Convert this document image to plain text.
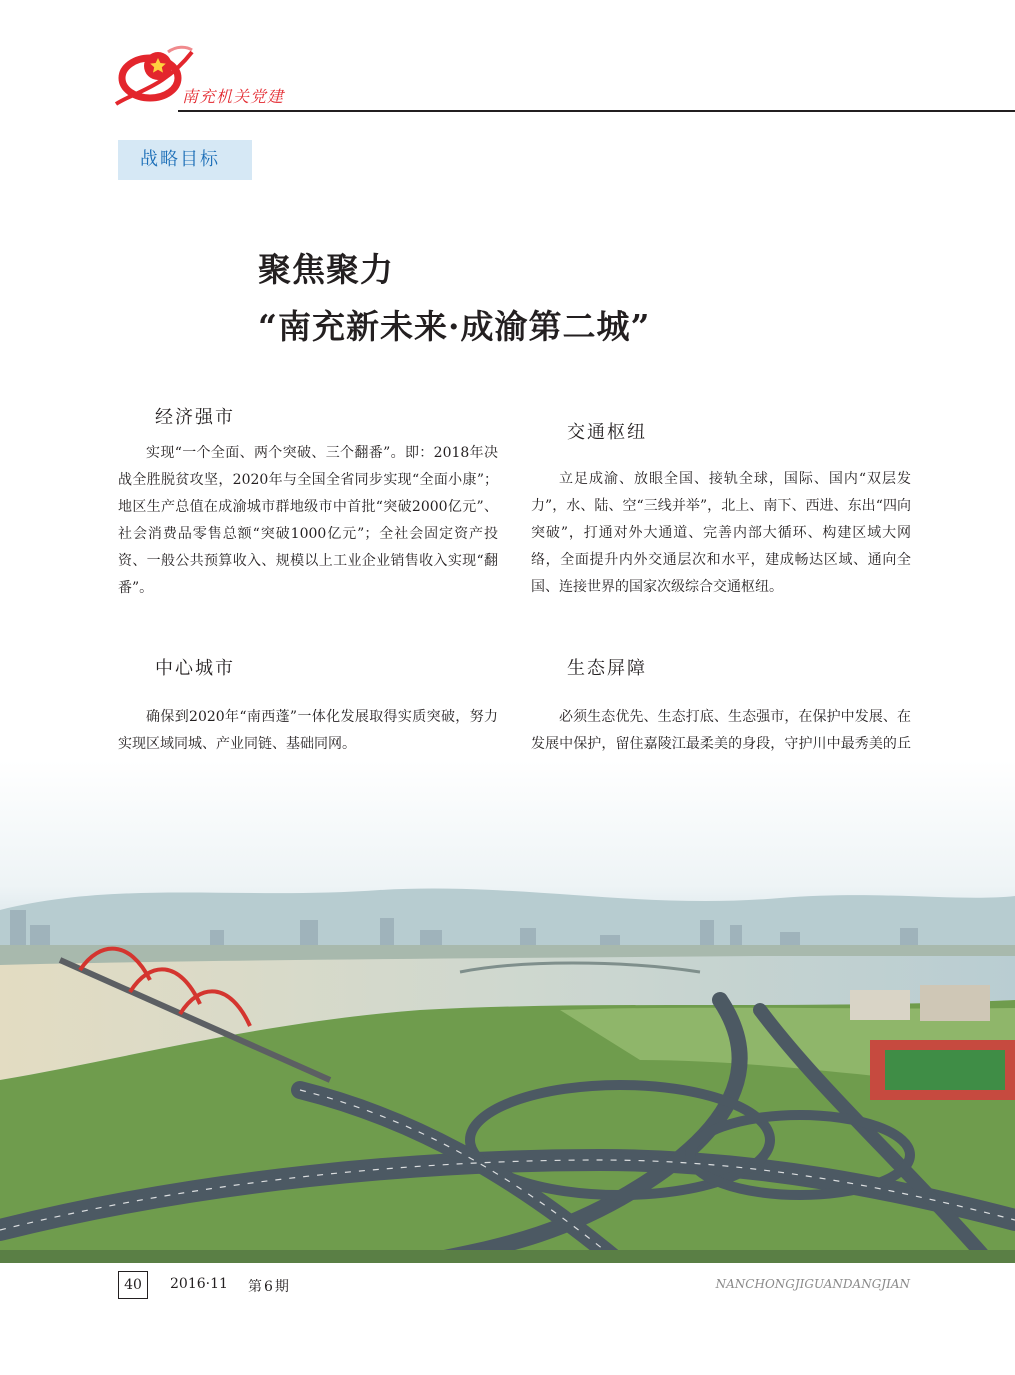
南充机关党建
战略目标
聚焦聚力
“南充新未来·成渝第二城”
经济强市

实现“一个全面、两个突破、三个翻番”。即：2018年决战全胜脱贫攻坚，2020年与全国全省同步实现“全面小康”；地区生产总值在成渝城市群地级市中首批“突破2000亿元”、社会消费品零售总额“突破1000亿元”；全社会固定资产投资、一般公共预算收入、规模以上工业企业销售收入实现“翻番”。

交通枢纽

立足成渝、放眼全国、接轨全球，国际、国内“双层发力”，水、陆、空“三线并举”，北上、南下、西进、东出“四向突破”，打通对外大通道、完善内部大循环、构建区域大网络，全面提升内外交通层次和水平，建成畅达区域、通向全国、连接世界的国家次级综合交通枢纽。

中心城市

确保到2020年“南西蓬”一体化发展取得实质突破，努力实现区域同城、产业同链、基础同网。

生态屏障

必须生态优先、生态打底、生态强市，在保护中发展、在发展中保护，留住嘉陵江最柔美的身段，守护川中最秀美的丘

40	2016·11 第6期	NANCHONGJIGUANDANGJIAN
